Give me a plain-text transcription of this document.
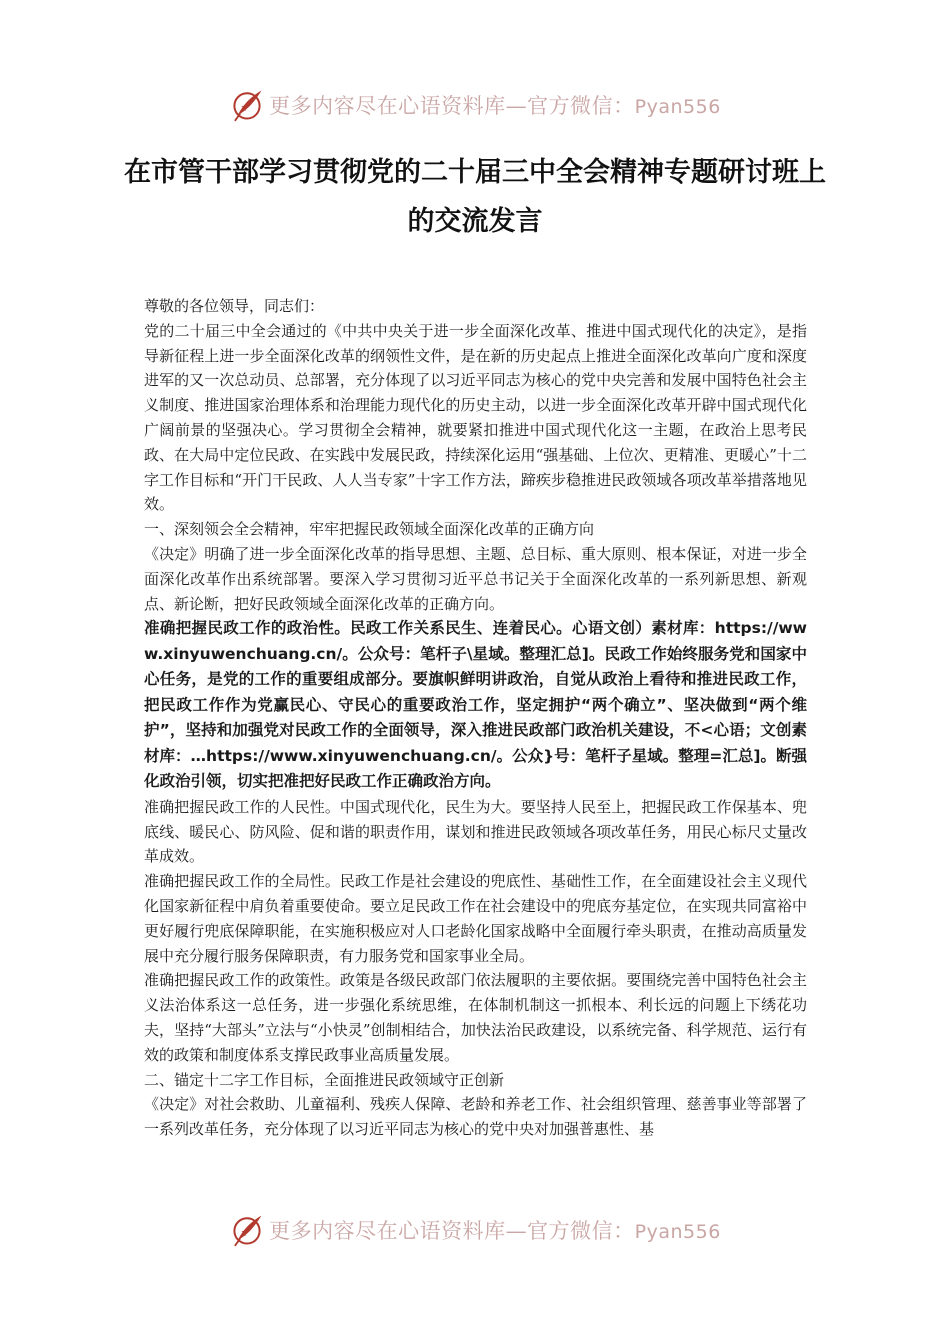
x 更多内容尽在心语资料库—官方微信：Pyan556
在市管干部学习贯彻党的二十届三中全会精神专题研讨班上的交流发言

尊敬的各位领导，同志们：

党的二十届三中全会通过的《中共中央关于进一步全面深化改革、推进中国式现代化的决定》，是指导新征程上进一步全面深化改革的纲领性文件，是在新的历史起点上推进全面深化改革向广度和深度进军的又一次总动员、总部署，充分体现了以习近平同志为核心的党中央完善和发展中国特色社会主义制度、推进国家治理体系和治理能力现代化的历史主动，以进一步全面深化改革开辟中国式现代化广阔前景的坚强决心。学习贯彻全会精神，就要紧扣推进中国式现代化这一主题，在政治上思考民政、在大局中定位民政、在实践中发展民政，持续深化运用“强基础、上位次、更精准、更暖心”十二字工作目标和“开门干民政、人人当专家”十字工作方法，蹄疾步稳推进民政领域各项改革举措落地见效。

一、深刻领会全会精神，牢牢把握民政领域全面深化改革的正确方向

《决定》明确了进一步全面深化改革的指导思想、主题、总目标、重大原则、根本保证，对进一步全面深化改革作出系统部署。要深入学习贯彻习近平总书记关于全面深化改革的一系列新思想、新观点、新论断，把好民政领域全面深化改革的正确方向。

准确把握民政工作的政治性。民政工作关系民生、连着民心。心语文创）素材库：https://www.xinyuwenchuang.cn/。公众号：笔杆子\星域。整理汇总]。民政工作始终服务党和国家中心任务，是党的工作的重要组成部分。要旗帜鲜明讲政治，自觉从政治上看待和推进民政工作，把民政工作作为党赢民心、守民心的重要政治工作，坚定拥护“两个确立”、坚决做到“两个维护”，坚持和加强党对民政工作的全面领导，深入推进民政部门政治机关建设，不<心语；文创素材库：…https://www.xinyuwenchuang.cn/。公众}号：笔杆子星域。整理=汇总]。断强化政治引领，切实把准把好民政工作正确政治方向。

准确把握民政工作的人民性。中国式现代化，民生为大。要坚持人民至上，把握民政工作保基本、兜底线、暖民心、防风险、促和谐的职责作用，谋划和推进民政领域各项改革任务，用民心标尺丈量改革成效。

准确把握民政工作的全局性。民政工作是社会建设的兜底性、基础性工作，在全面建设社会主义现代化国家新征程中肩负着重要使命。要立足民政工作在社会建设中的兜底夯基定位，在实现共同富裕中更好履行兜底保障职能，在实施积极应对人口老龄化国家战略中全面履行牵头职责，在推动高质量发展中充分履行服务保障职责，有力服务党和国家事业全局。

准确把握民政工作的政策性。政策是各级民政部门依法履职的主要依据。要围绕完善中国特色社会主义法治体系这一总任务，进一步强化系统思维，在体制机制这一抓根本、利长远的问题上下绣花功夫，坚持“大部头”立法与“小快灵”创制相结合，加快法治民政建设，以系统完备、科学规范、运行有效的政策和制度体系支撑民政事业高质量发展。

二、锚定十二字工作目标，全面推进民政领域守正创新

《决定》对社会救助、儿童福利、残疾人保障、老龄和养老工作、社会组织管理、慈善事业等部署了一系列改革任务，充分体现了以习近平同志为核心的党中央对加强普惠性、基

x 更多内容尽在心语资料库—官方微信：Pyan556
